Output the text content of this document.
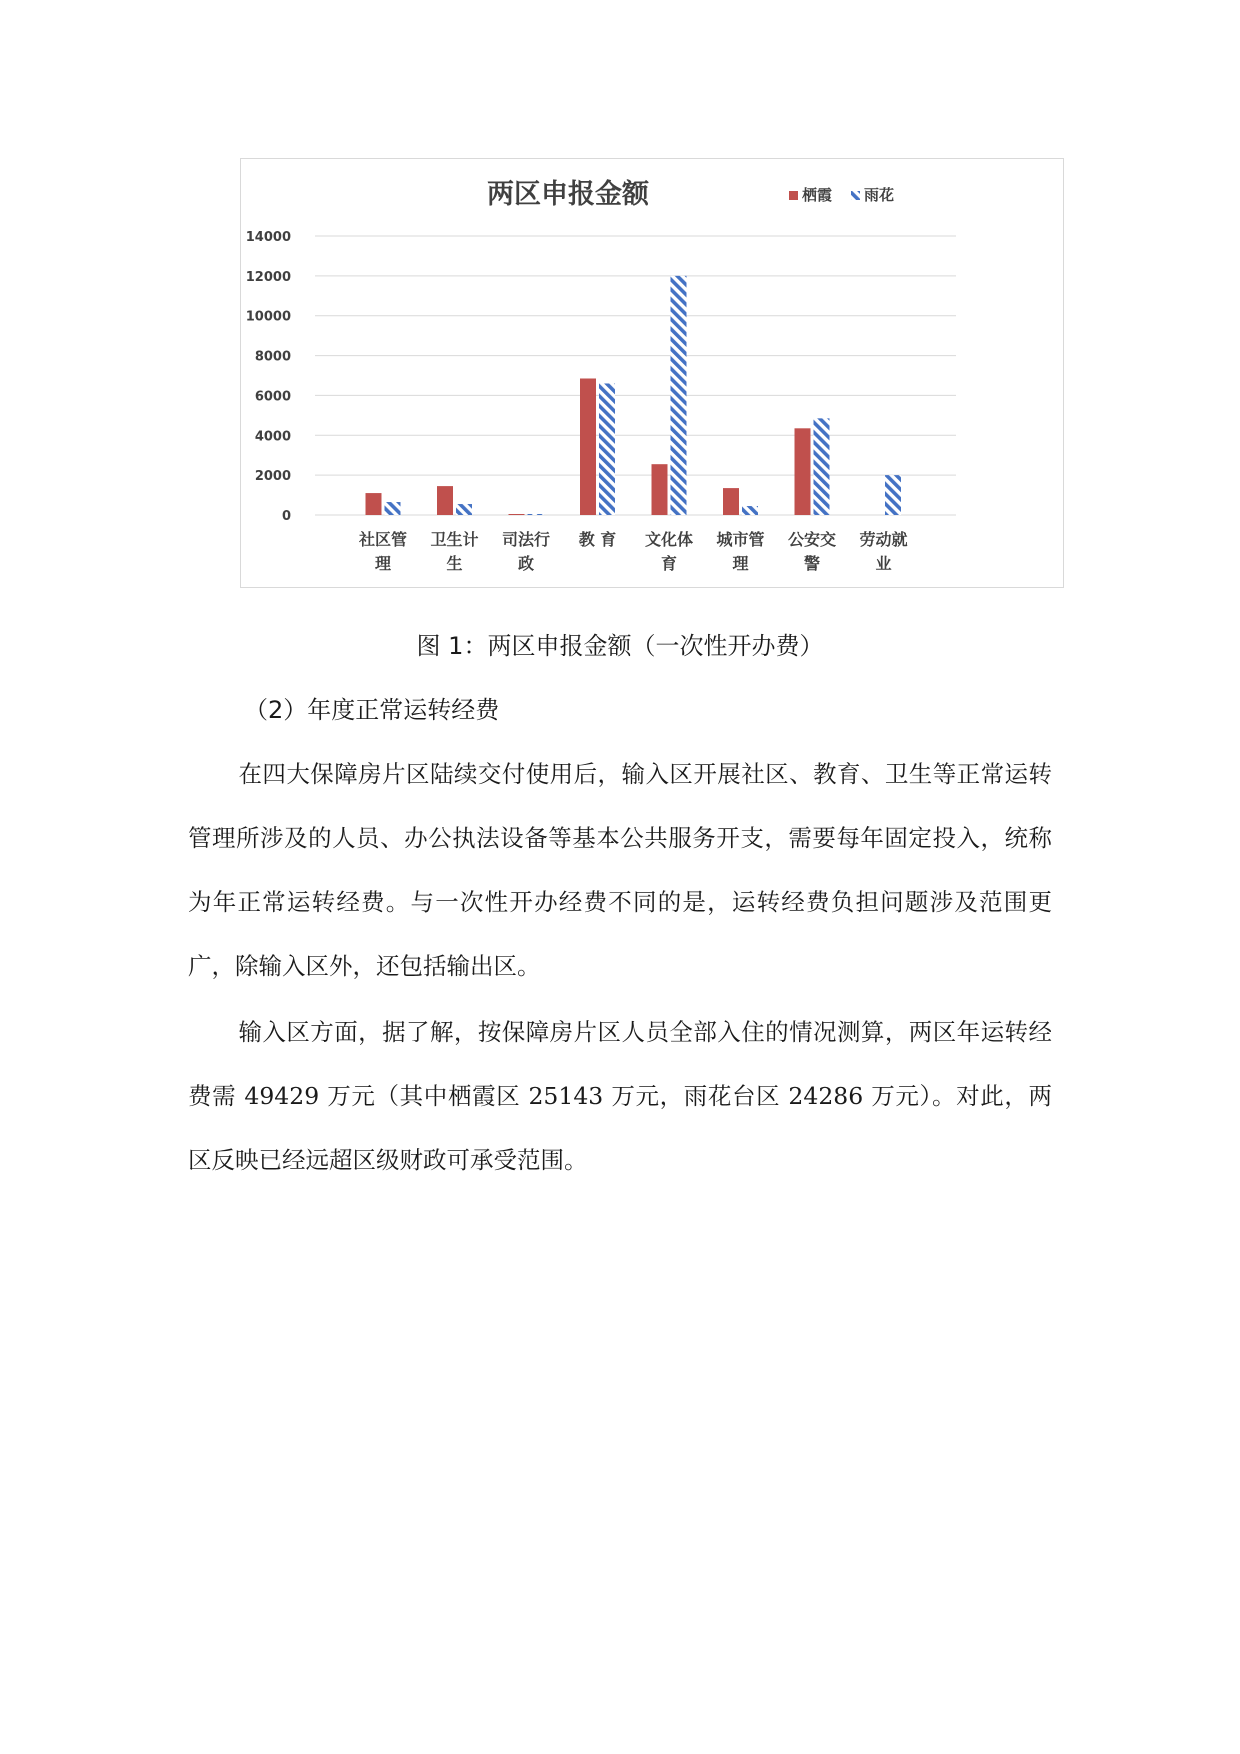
0
2000
4000
6000
8000
10000
12000
14000
社区管
理
卫生计
生
司法行
政
教 育 文化体
育
城市管
理
公安交
警
劳动就
业
两区申报金额	栖霞 雨花
图 1：两区申报金额（一次性开办费）
（2）年度正常运转经费

在四大保障房片区陆续交付使用后，输入区开展社区、教育、卫生等正常运转管理所涉及的人员、办公执法设备等基本公共服务开支，需要每年固定投入，统称为年正常运转经费。与一次性开办经费不同的是，运转经费负担问题涉及范围更广，除输入区外，还包括输出区。

输入区方面，据了解，按保障房片区人员全部入住的情况测算，两区年运转经费需 49429 万元（其中栖霞区 25143 万元，雨花台区 24286 万元）。对此，两区反映已经远超区级财政可承受范围。
